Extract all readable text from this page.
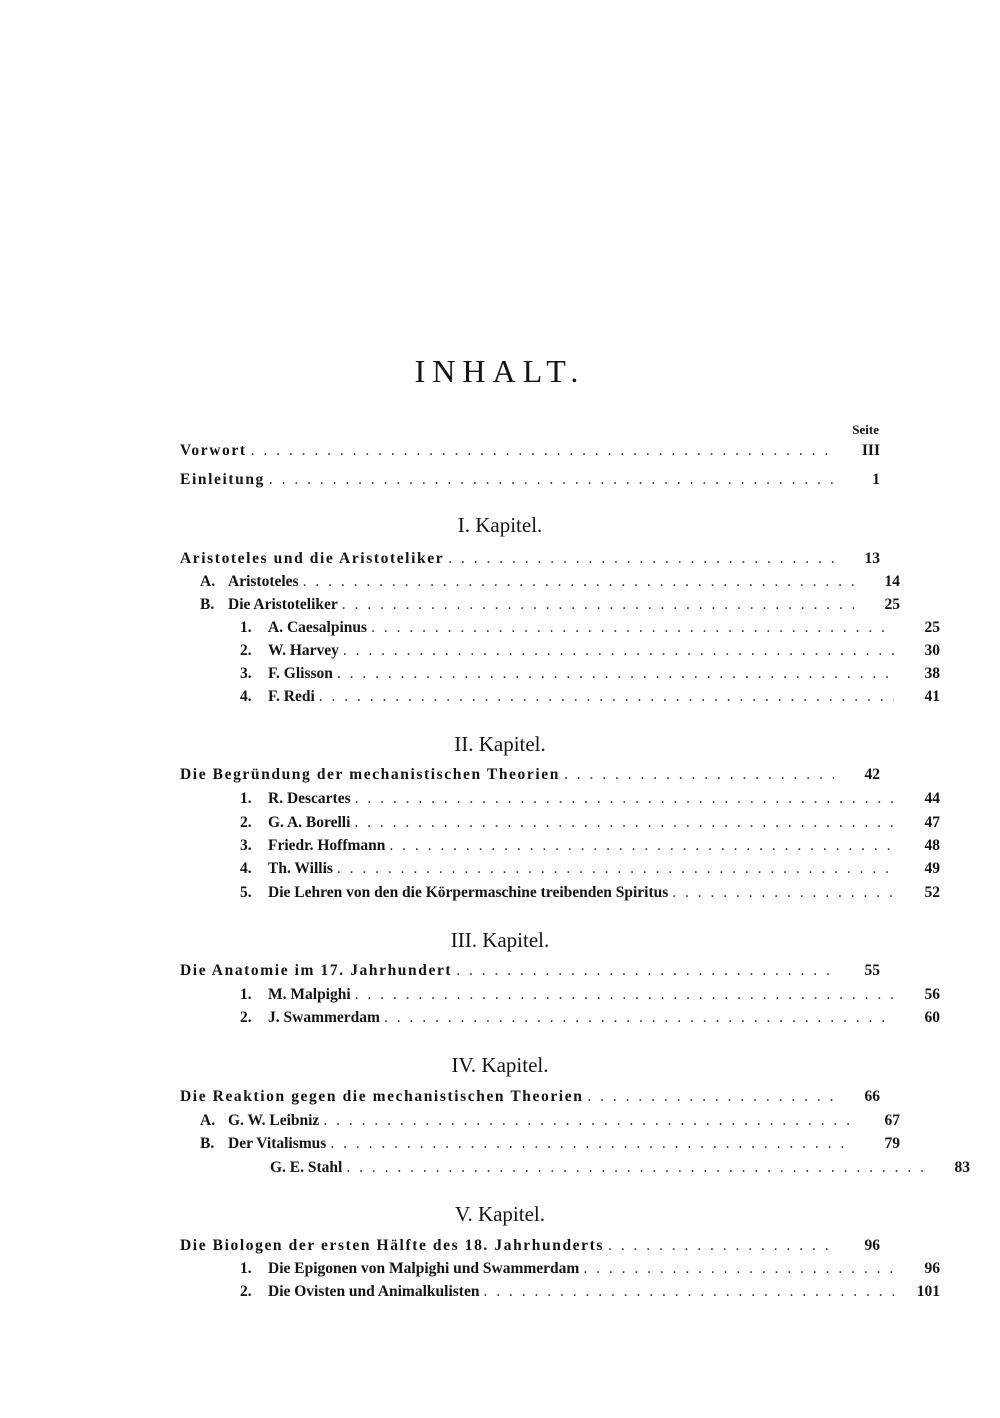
INHALT.
Seite
Vorwort . . .	III
Einleitung . . .	1
I. Kapitel.
Aristoteles und die Aristoteliker . . .	13
A. Aristoteles . . .	14
B. Die Aristoteliker . . .	25
1.	A. Caesalpinus . . .	25
2.	W. Harvey . . .	30
3.	F. Glisson . . .	38
4.	F. Redi . . .	41
II. Kapitel.
Die Begründung der mechanistischen Theorien . . .	42
1.	R. Descartes . . .	44
2.	G. A. Borelli . . .	47
3.	Friedr. Hoffmann . . .	48
4.	Th. Willis . . .	49
5.	Die Lehren von den die Körpermaschine treibenden Spiritus . . .	52
III. Kapitel.
Die Anatomie im 17. Jahrhundert . . .	55
1.	M. Malpighi . . .	56
2.	J. Swammerdam . . .	60
IV. Kapitel.
Die Reaktion gegen die mechanistischen Theorien . . .	66
A. G. W. Leibniz . . .	67
B. Der Vitalismus . . .	79
G. E. Stahl . . .	83
V. Kapitel.
Die Biologen der ersten Hälfte des 18. Jahrhunderts . . .	96
1.	Die Epigonen von Malpighi und Swammerdam . . .	96
2.	Die Ovisten und Animalkulisten . . .	101
